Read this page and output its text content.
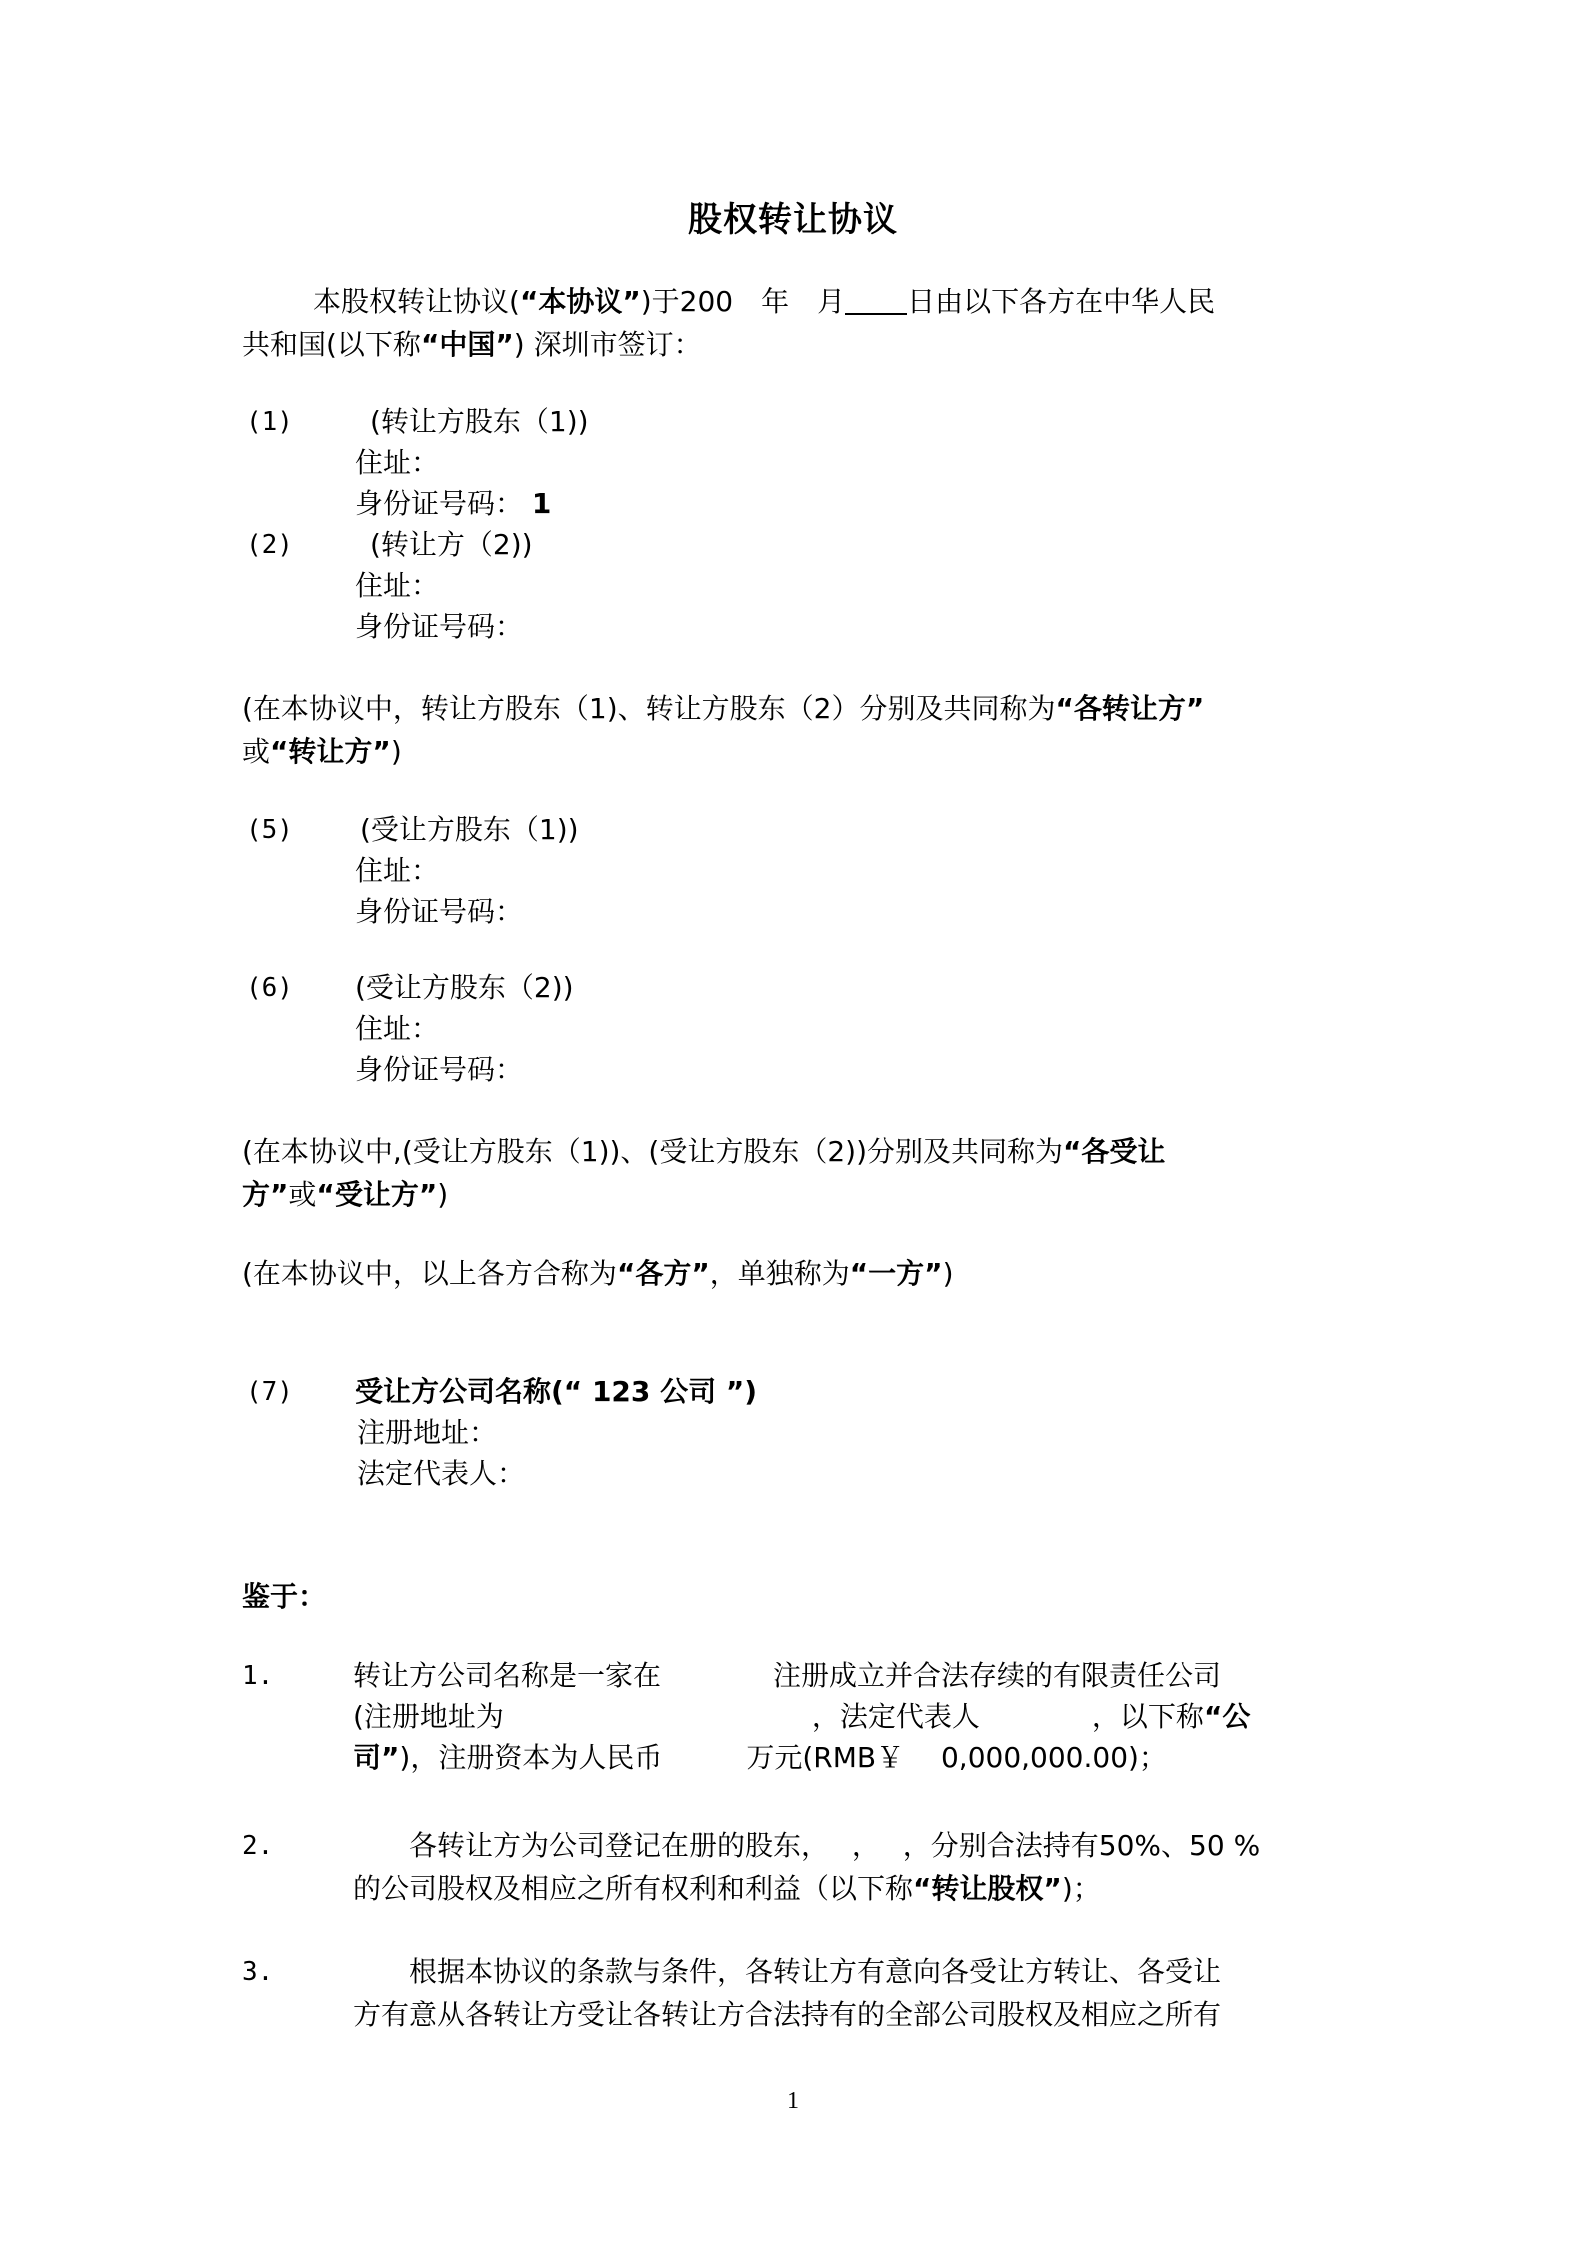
股权转让协议
本股权转让协议(“本协议”)于200　年　月 日由以下各方在中华人民
共和国(以下称“中国”) 深圳市签订：
(1)	(转让方股东（1))
住址：
身份证号码： 1
(2)	(转让方（2))
住址：
身份证号码：
(在本协议中，转让方股东（1)、转让方股东（2）分别及共同称为“各转让方”
或“转让方”)
(5) (受让方股东（1))
住址：
身份证号码：
(6) (受让方股东（2))
住址：
身份证号码：
(在本协议中,(受让方股东（1))、(受让方股东（2))分别及共同称为“各受让
方”或“受让方”)
(在本协议中，以上各方合称为“各方”，单独称为“一方”)
(7) 受让方公司名称(“ 123 公司 ”)
注册地址：
法定代表人：
鉴于：
1.	转让方公司名称是一家在　　　　注册成立并合法存续的有限责任公司
(注册地址为　　　　　　　　　　　，法定代表人　　　　，以下称“公
司”)，注册资本为人民币　　　万元(RMB￥　 0,000,000.00)；
2.	　　各转让方为公司登记在册的股东，　 ，　 ，分别合法持有50%、50 %
的公司股权及相应之所有权利和利益（以下称“转让股权”)；
3.	　　根据本协议的条款与条件，各转让方有意向各受让方转让、各受让
方有意从各转让方受让各转让方合法持有的全部公司股权及相应之所有
1
